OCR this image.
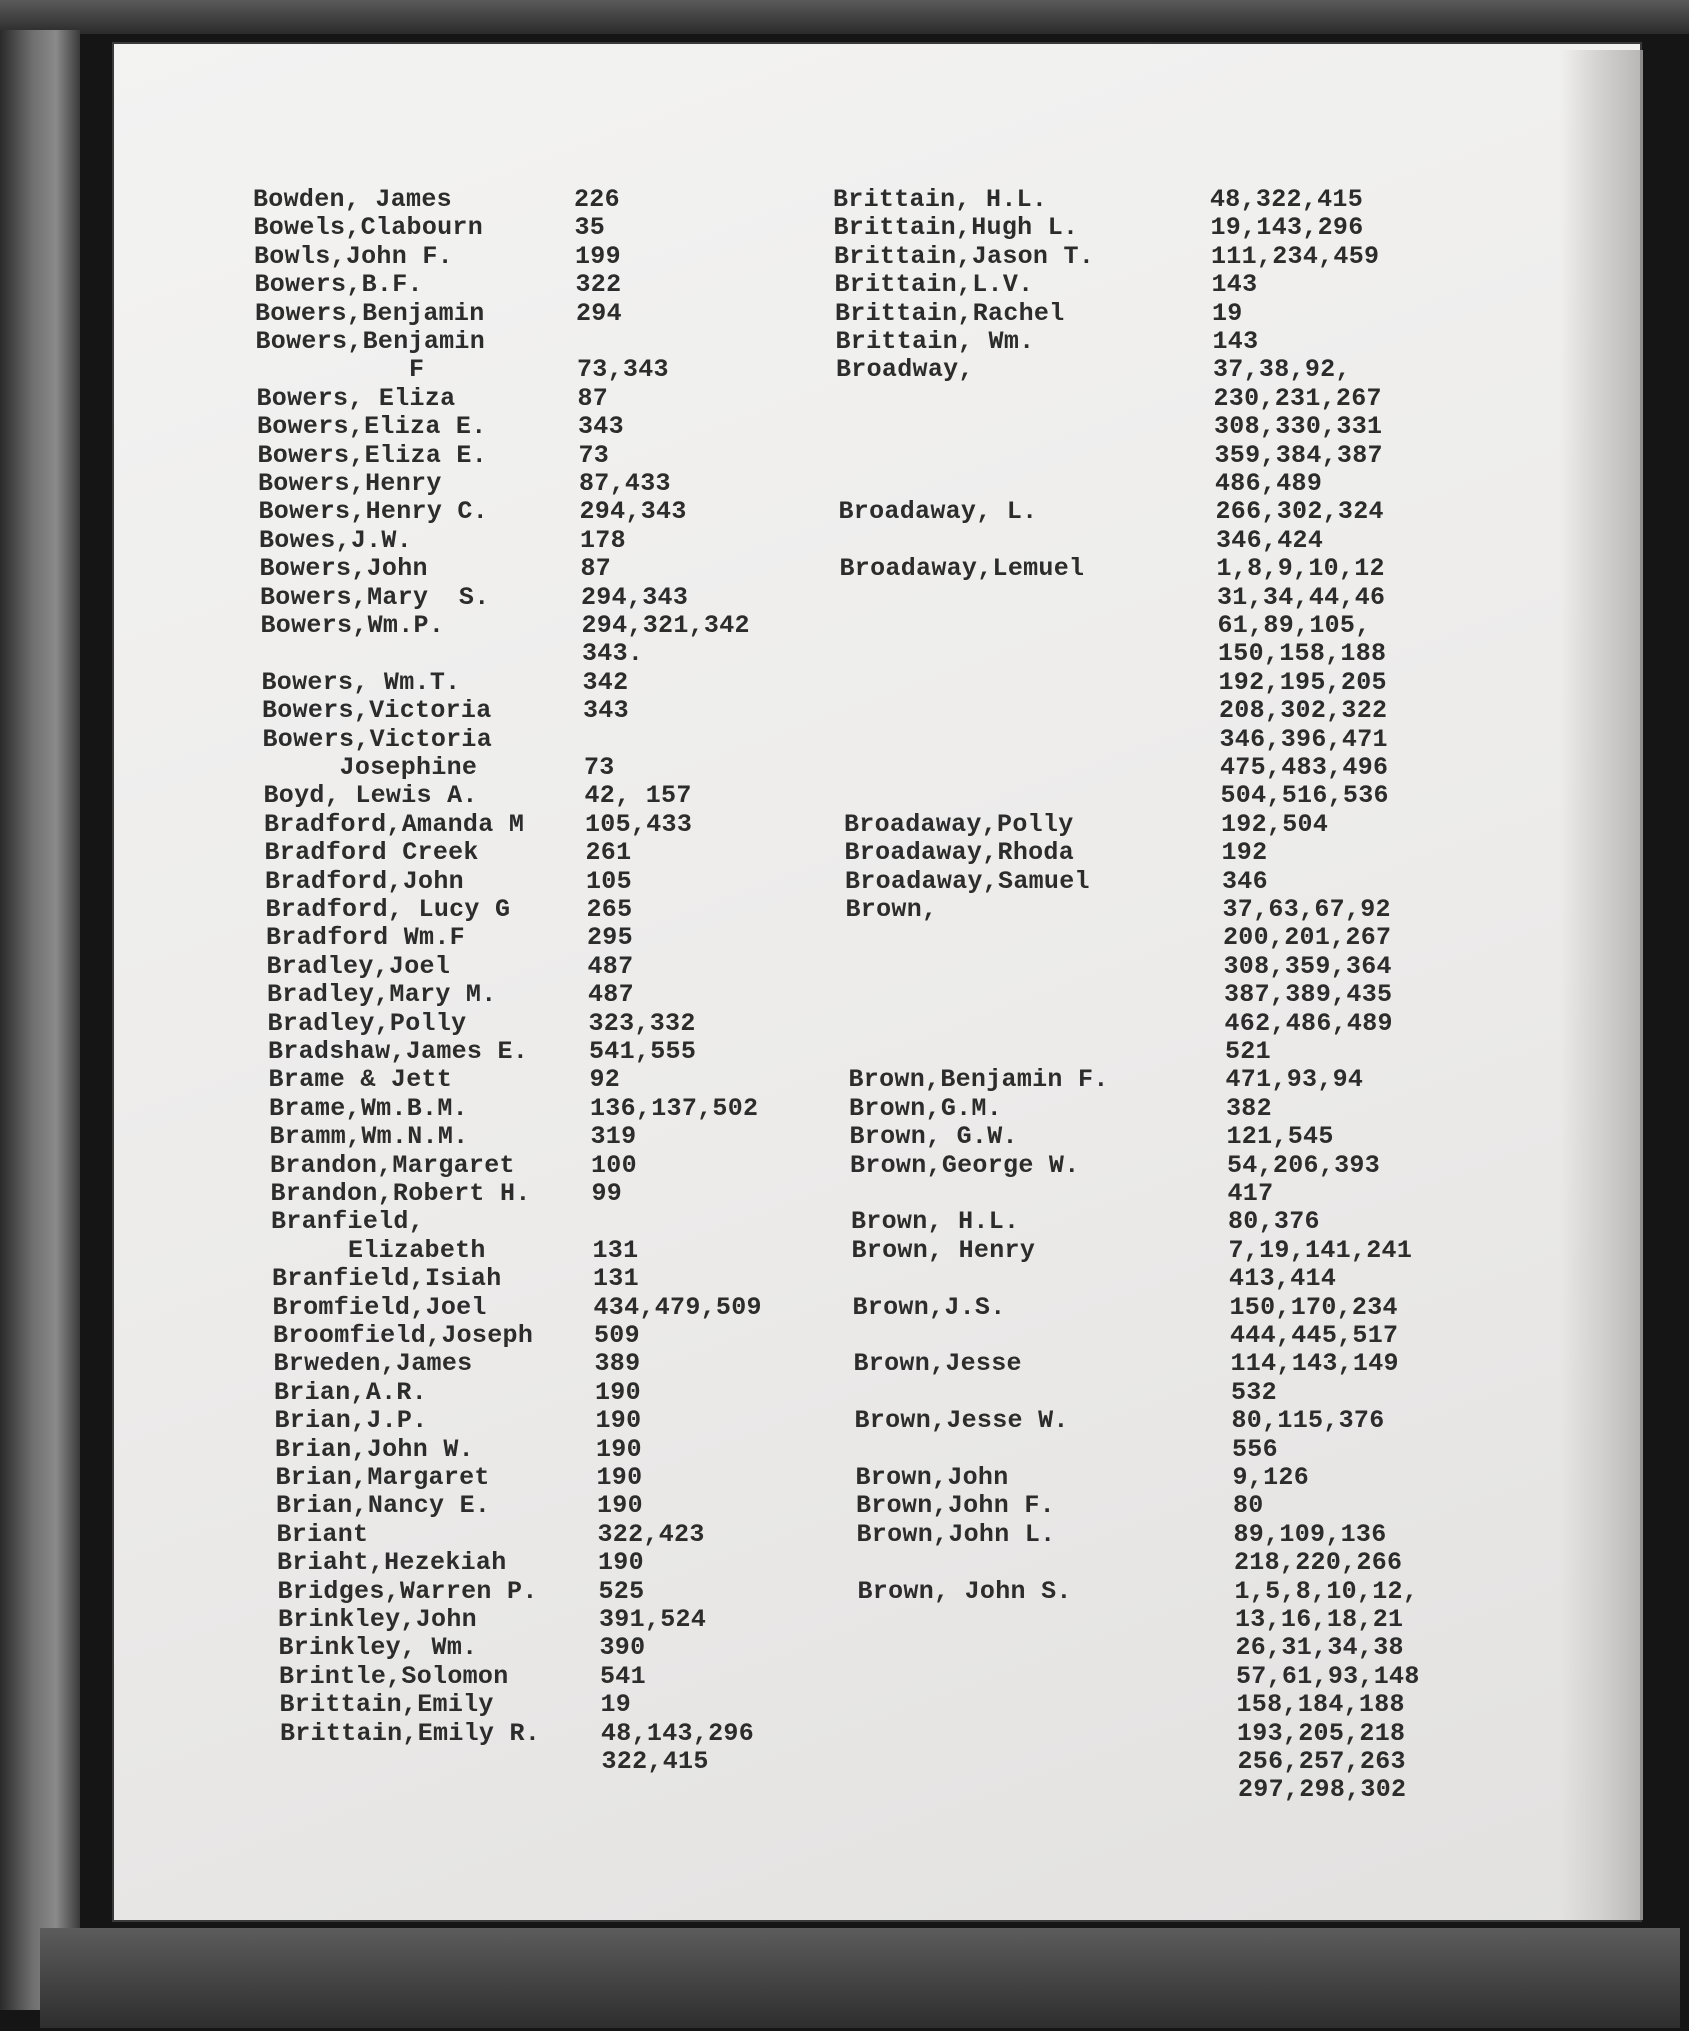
Bowden, James	226
Bowels,Clabourn	35
Bowls,John F.	199
Bowers,B.F.	322
Bowers,Benjamin	294
Bowers,Benjamin
F	73,343
Bowers, Eliza	87
Bowers,Eliza E.	343
Bowers,Eliza E.	73
Bowers,Henry	87,433
Bowers,Henry C.	294,343
Bowes,J.W.	178
Bowers,John	87
Bowers,Mary  S.	294,343
Bowers,Wm.P.	294,321,342
343.
Bowers, Wm.T.	342
Bowers,Victoria	343
Bowers,Victoria
Josephine	73
Boyd, Lewis A.	42, 157
Bradford,Amanda M 105,433
Bradford Creek	261
Bradford,John	105
Bradford, Lucy G	265
Bradford Wm.F	295
Bradley,Joel	487
Bradley,Mary M.	487
Bradley,Polly	323,332
Bradshaw,James E. 541,555
Brame & Jett	92
Brame,Wm.B.M.	136,137,502
Bramm,Wm.N.M.	319
Brandon,Margaret	100
Brandon,Robert H. 99
Branfield,
Elizabeth	131
Branfield,Isiah	131
Bromfield,Joel	434,479,509
Broomfield,Joseph 509
Brweden,James	389
Brian,A.R.	190
Brian,J.P.	190
Brian,John W.	190
Brian,Margaret	190
Brian,Nancy E.	190
Briant	322,423
Briaht,Hezekiah	190
Bridges,Warren P. 525
Brinkley,John	391,524
Brinkley, Wm.	390
Brintle,Solomon	541
Brittain,Emily	19
Brittain,Emily R. 48,143,296
322,415
Brittain, H.L.	48,322,415
Brittain,Hugh L.	19,143,296
Brittain,Jason T.	111,234,459
Brittain,L.V.	143
Brittain,Rachel	19
Brittain, Wm.	143
Broadway,	37,38,92,
230,231,267
308,330,331
359,384,387
486,489
Broadaway, L.	266,302,324
346,424
Broadaway,Lemuel	1,8,9,10,12
31,34,44,46
61,89,105,
150,158,188
192,195,205
208,302,322
346,396,471
475,483,496
504,516,536
Broadaway,Polly	192,504
Broadaway,Rhoda	192
Broadaway,Samuel	346
Brown,	37,63,67,92
200,201,267
308,359,364
387,389,435
462,486,489
521
Brown,Benjamin F.	471,93,94
Brown,G.M.	382
Brown, G.W.	121,545
Brown,George W.	54,206,393
417
Brown, H.L.	80,376
Brown, Henry	7,19,141,241
413,414
Brown,J.S.	150,170,234
444,445,517
Brown,Jesse	114,143,149
532
Brown,Jesse W.	80,115,376
556
Brown,John	9,126
Brown,John F.	80
Brown,John L.	89,109,136
218,220,266
Brown, John S.	1,5,8,10,12,
13,16,18,21
26,31,34,38
57,61,93,148
158,184,188
193,205,218
256,257,263
297,298,302
